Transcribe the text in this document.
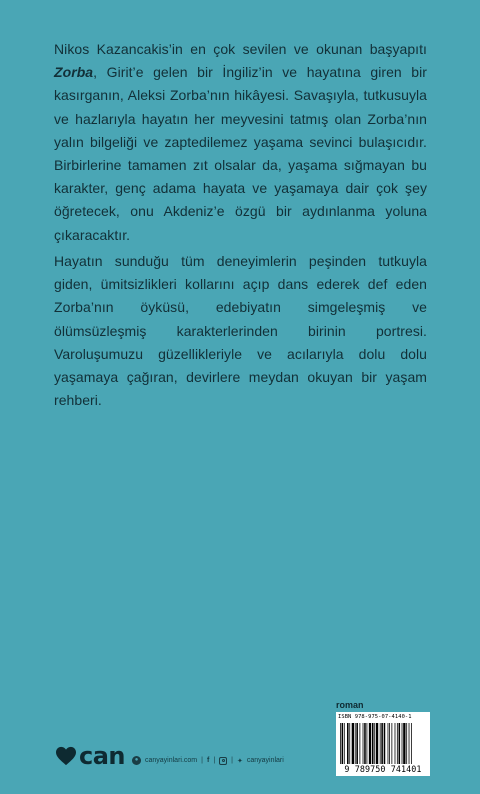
Nikos Kazancakis’in en çok sevilen ve okunan başyapıtı Zorba, Girit’e gelen bir İngiliz’in ve hayatına giren bir kasırganın, Aleksi Zorba’nın hikâyesi. Savaşıyla, tutkusuyla ve hazlarıyla hayatın her meyvesini tatmış olan Zorba’nın yalın bilgeliği ve zaptedilemez yaşama sevinci bulaşıcıdır. Birbirlerine tamamen zıt olsalar da, yaşama sığmayan bu karakter, genç adama hayata ve yaşamaya dair çok şey öğretecek, onu Akdeniz’e özgü bir aydınlanma yoluna çıkaracaktır.

Hayatın sunduğu tüm deneyimlerin peşinden tutkuyla giden, ümitsizlikleri kollarını açıp dans ederek def eden Zorba’nın öyküsü, edebiyatın simgeleşmiş ve ölümsüzleşmiş karakterlerinden birinin portresi. Varoluşumuzu güzellikleriyle ve acılarıyla dolu dolu yaşamaya çağıran, devirlere meydan okuyan bir yaşam rehberi.

can	● canyayinlari.com | f | | ✦ canyayinlari
roman
ISBN 978-975-07-4140-1
9 789750 741401
